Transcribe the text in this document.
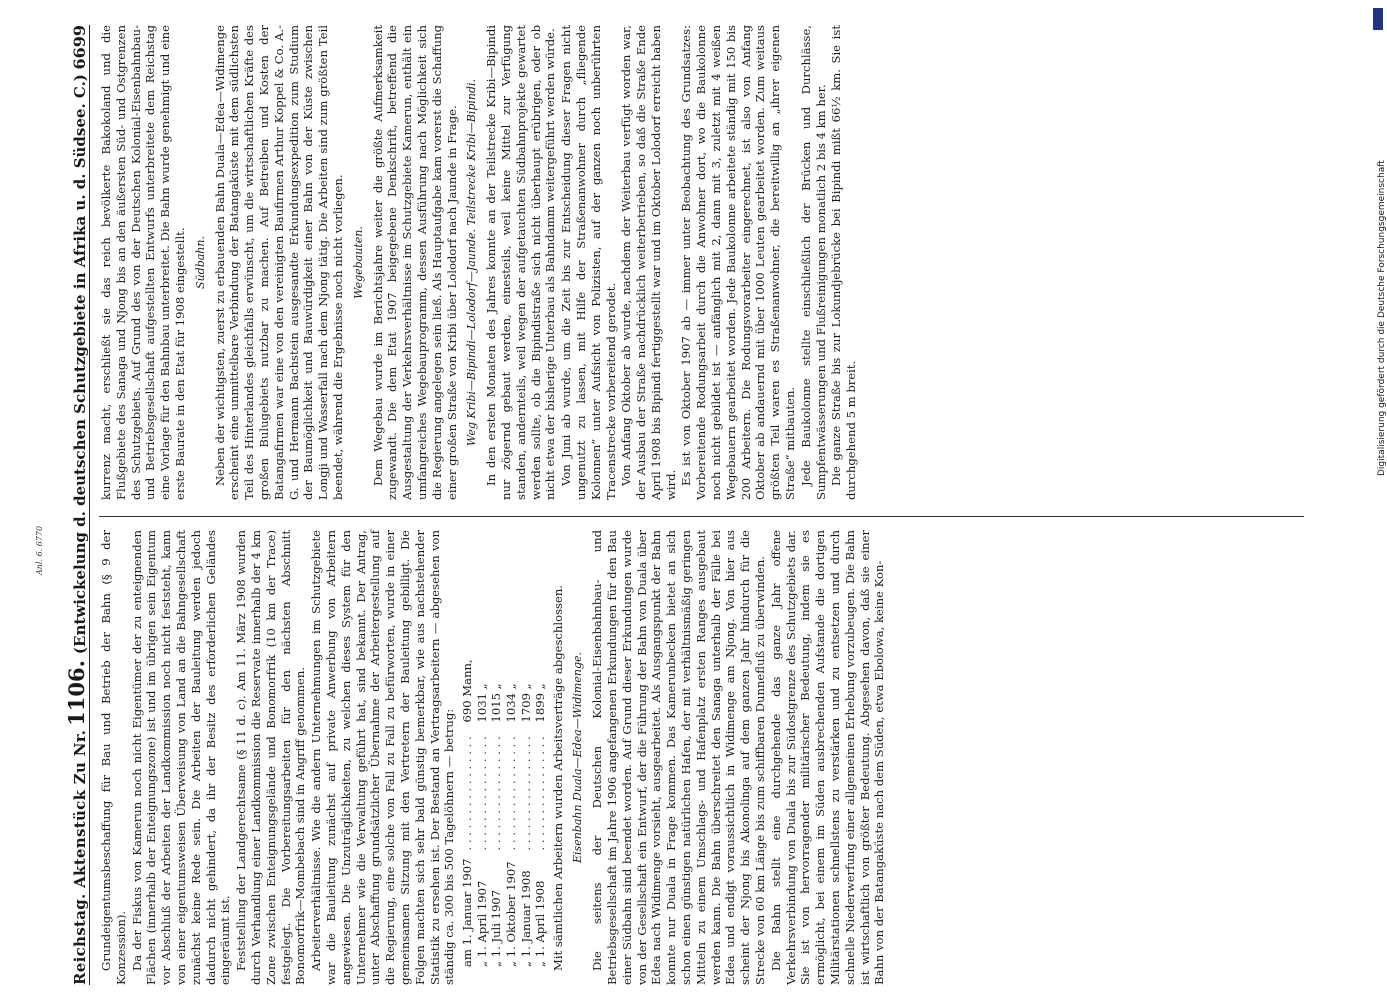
Reichstag. Aktenstück Zu Nr.
1106.
(Entwickelung d. deutschen Schutzgebiete in Afrika u. d. Südsee. C.)
6699
Anl. 6. 6770	Grundeigentumsbeschaffung für Bau und Betrieb der Bahn (§ 9 der Konzession). Da der Fiskus von Kamerun noch nicht Eigentümer der zu enteignenden Flächen (innerhalb der Enteignungszone) ist und im übrigen sein Eigentum vor Abschluß der Arbeiten der Landkommission noch nicht feststeht, kann von einer eigentumsweisen Überweisung von Land an die Bahngesellschaft zunächst keine Rede sein. Die Arbeiten der Bauleitung werden jedoch dadurch nicht gehindert, da ihr der Besitz des erforderlichen Geländes eingeräumt ist. Feststellung der Landgerechtsame (§ 11 d. c). Am 11. März 1908 wurden durch Verhandlung einer Landkommission die Reservate innerhalb der 4 km Zone zwischen Enteignungsgelände und Bonomorfrik (10 km der Trace) festgelegt. Die Vorbereitungsarbeiten für den nächsten Abschnitt Bonomorfrik—Mombebach sind in Angriff genommen. Arbeiterverhältnisse. Wie die andern Unternehmungen im Schutzgebiete war die Bauleitung zunächst auf private Anwerbung von Arbeitern angewiesen. Die Unzuträglichkeiten, zu welchen dieses System für den Unternehmer wie die Verwaltung geführt hat, sind bekannt. Der Antrag, unter Abschaffung grundsätzlicher Übernahme der Arbeitergestellung auf die Regierung, eine solche von Fall zu Fall zu befürworten, wurde in einer gemeinsamen Sitzung mit den Vertretern der Bauleitung gebilligt. Die Folgen machten sich sehr bald günstig bemerkbar, wie aus nachstehender Statistik zu ersehen ist. Der Bestand an Vertragsarbeitern — abgesehen von ständig ca. 300 bis 500 Tagelöhnern — betrug: am 1. Januar 1907	. . . . . . . . . . . . . . . .	690 Mann,
„ 1. April 1907	. . . . . . . . . . . . . . . .	1031 „
„ 1. Juli 1907	. . . . . . . . . . . . . . . .	1015 „
„ 1. Oktober 1907	. . . . . . . . . . . . . . . .	1034 „
„ 1. Januar 1908	. . . . . . . . . . . . . . . .	1709 „
„ 1. April 1908	. . . . . . . . . . . . . . . .	1899 „ Mit sämtlichen Arbeitern wurden Arbeitsverträge abgeschlossen. Eisenbahn Duala—Edea—Widimenge. Die seitens der Deutschen Kolonial-Eisenbahnbau- und Betriebsgesellschaft im Jahre 1906 angefangenen Erkundungen für den Bau einer Südbahn sind beendet worden. Auf Grund dieser Erkundungen wurde von der Gesellschaft ein Entwurf, der die Führung der Bahn von Duala über Edea nach Widimenge vorsieht, ausgearbeitet. Als Ausgangspunkt der Bahn konnte nur Duala in Frage kommen. Das Kamerunbecken bietet an sich schon einen günstigen natürlichen Hafen, der mit verhältnismäßig geringen Mitteln zu einem Umschlags- und Hafenplatz ersten Ranges ausgebaut werden kann. Die Bahn überschreitet den Sanaga unterhalb der Fälle bei Edea und endigt voraussichtlich in Widimenge am Njong. Von hier aus scheint der Njong bis Akonolinga auf dem ganzen Jahr hindurch für die Strecke von 60 km Länge bis zum schiffbaren Dunnefluß zu überwinden. Die Bahn stellt eine durchgehende das ganze Jahr offene Verkehrsverbindung von Duala bis zur Südostgrenze des Schutzgebiets dar. Sie ist von hervorragender militärischer Bedeutung, indem sie es ermöglicht, bei einem im Süden ausbrechenden Aufstande die dortigen Militärstationen schnellstens zu verstärken und zu entsetzen und durch schnelle Niederwerfung einer allgemeinen Erhebung vorzubeugen. Die Bahn ist wirtschaftlich von größter Bedeutung. Abgesehen davon, daß sie einer Bahn von der Batangaküste nach dem Süden, etwa Ebolowa, keine Kon-

kurrenz macht, erschließt sie das reich bevölkerte Bakokoland und die Flußgebiete des Sanaga und Njong bis an den äußersten Süd- und Ostgrenzen des Schutzgebiets. Auf Grund des von der Deutschen Kolonial-Eisenbahnbau- und Betriebsgesellschaft aufgestellten Entwurfs unterbreitete dem Reichstag eine Vorlage für den Bahnbau unterbreitet. Die Bahn wurde genehmigt und eine erste Baurate in den Etat für 1908 eingestellt. Südbahn. Neben der wichtigsten, zuerst zu erbauenden Bahn Duala—Edea—Widimenge erscheint eine unmittelbare Verbindung der Batangaküste mit dem südlichsten Teil des Hinterlandes gleichfalls erwünscht, um die wirtschaftlichen Kräfte des großen Bulugebiets nutzbar zu machen. Auf Betreiben und Kosten der Batangafirmen war eine von den vereinigten Baufirmen Arthur Koppel & Co. A.-G. und Hermann Bachstein ausgesandte Erkundungsexpedition zum Studium der Baumöglichkeit und Bauwürdigkeit einer Bahn von der Küste zwischen Longji und Wasserfall nach dem Njong tätig. Die Arbeiten sind zum größten Teil beendet, während die Ergebnisse noch nicht vorliegen. Wegebauten. Dem Wegebau wurde im Berichtsjahre weiter die größte Aufmerksamkeit zugewandt. Die dem Etat 1907 beigegebene Denkschrift, betreffend die Ausgestaltung der Verkehrsverhältnisse im Schutzgebiete Kamerun, enthält ein umfangreiches Wegebauprogramm, dessen Ausführung nach Möglichkeit sich die Regierung angelegen sein ließ. Als Hauptaufgabe kam vorerst die Schaffung einer großen Straße von Kribi über Lolodorf nach Jaunde in Frage. Weg Kribi—Bipindi—Lolodorf—Jaunde. Teilstrecke Kribi—Bipindi. In den ersten Monaten des Jahres konnte an der Teilstrecke Kribi—Bipindi nur zögernd gebaut werden, einesteils, weil keine Mittel zur Verfügung standen, andernteils, weil wegen der aufgetauchten Südbahnprojekte gewartet werden sollte, ob die Bipindistraße sich nicht überhaupt erübrigen, oder ob nicht etwa der bisherige Unterbau als Bahndamm weitergeführt werden würde. Von Juni ab wurde, um die Zeit bis zur Entscheidung dieser Fragen nicht ungenutzt zu lassen, mit Hilfe der Straßenanwohner durch „fliegende Kolonnen“ unter Aufsicht von Polizisten, auf der ganzen noch unberührten Tracenstrecke vorbereitend gerodet. Von Anfang Oktober ab wurde, nachdem der Weiterbau verfügt worden war, der Ausbau der Straße nachdrücklich weiterbetrieben, so daß die Straße Ende April 1908 bis Bipindi fertiggestellt war und im Oktober Lolodorf erreicht haben wird. Es ist von Oktober 1907 ab — immer unter Beobachtung des Grundsatzes: Vorbereitende Rodungsarbeit durch die Anwohner dort, wo die Baukolonne noch nicht gebildet ist — anfänglich mit 2, dann mit 3, zuletzt mit 4 weißen Wegebauern gearbeitet worden. Jede Baukolonne arbeitete ständig mit 150 bis 200 Arbeitern. Die Rodungsvorarbeiter eingerechnet, ist also von Anfang Oktober ab andauernd mit über 1000 Leuten gearbeitet worden. Zum weitaus größten Teil waren es Straßenanwohner, die bereitwillig an „ihrer eigenen Straße“ mitbauten. Jede Baukolonne stellte einschließlich der Brücken und Durchlässe, Sumpfentwässerungen und Flußreinigungen monatlich 2 bis 4 km her. Die ganze Straße bis zur Lokundjebrücke bei Bipindi mißt 66½ km. Sie ist durchgehend 5 m breit.

DFG
Digitalisierung gefördert durch die Deutsche Forschungsgemeinschaft
